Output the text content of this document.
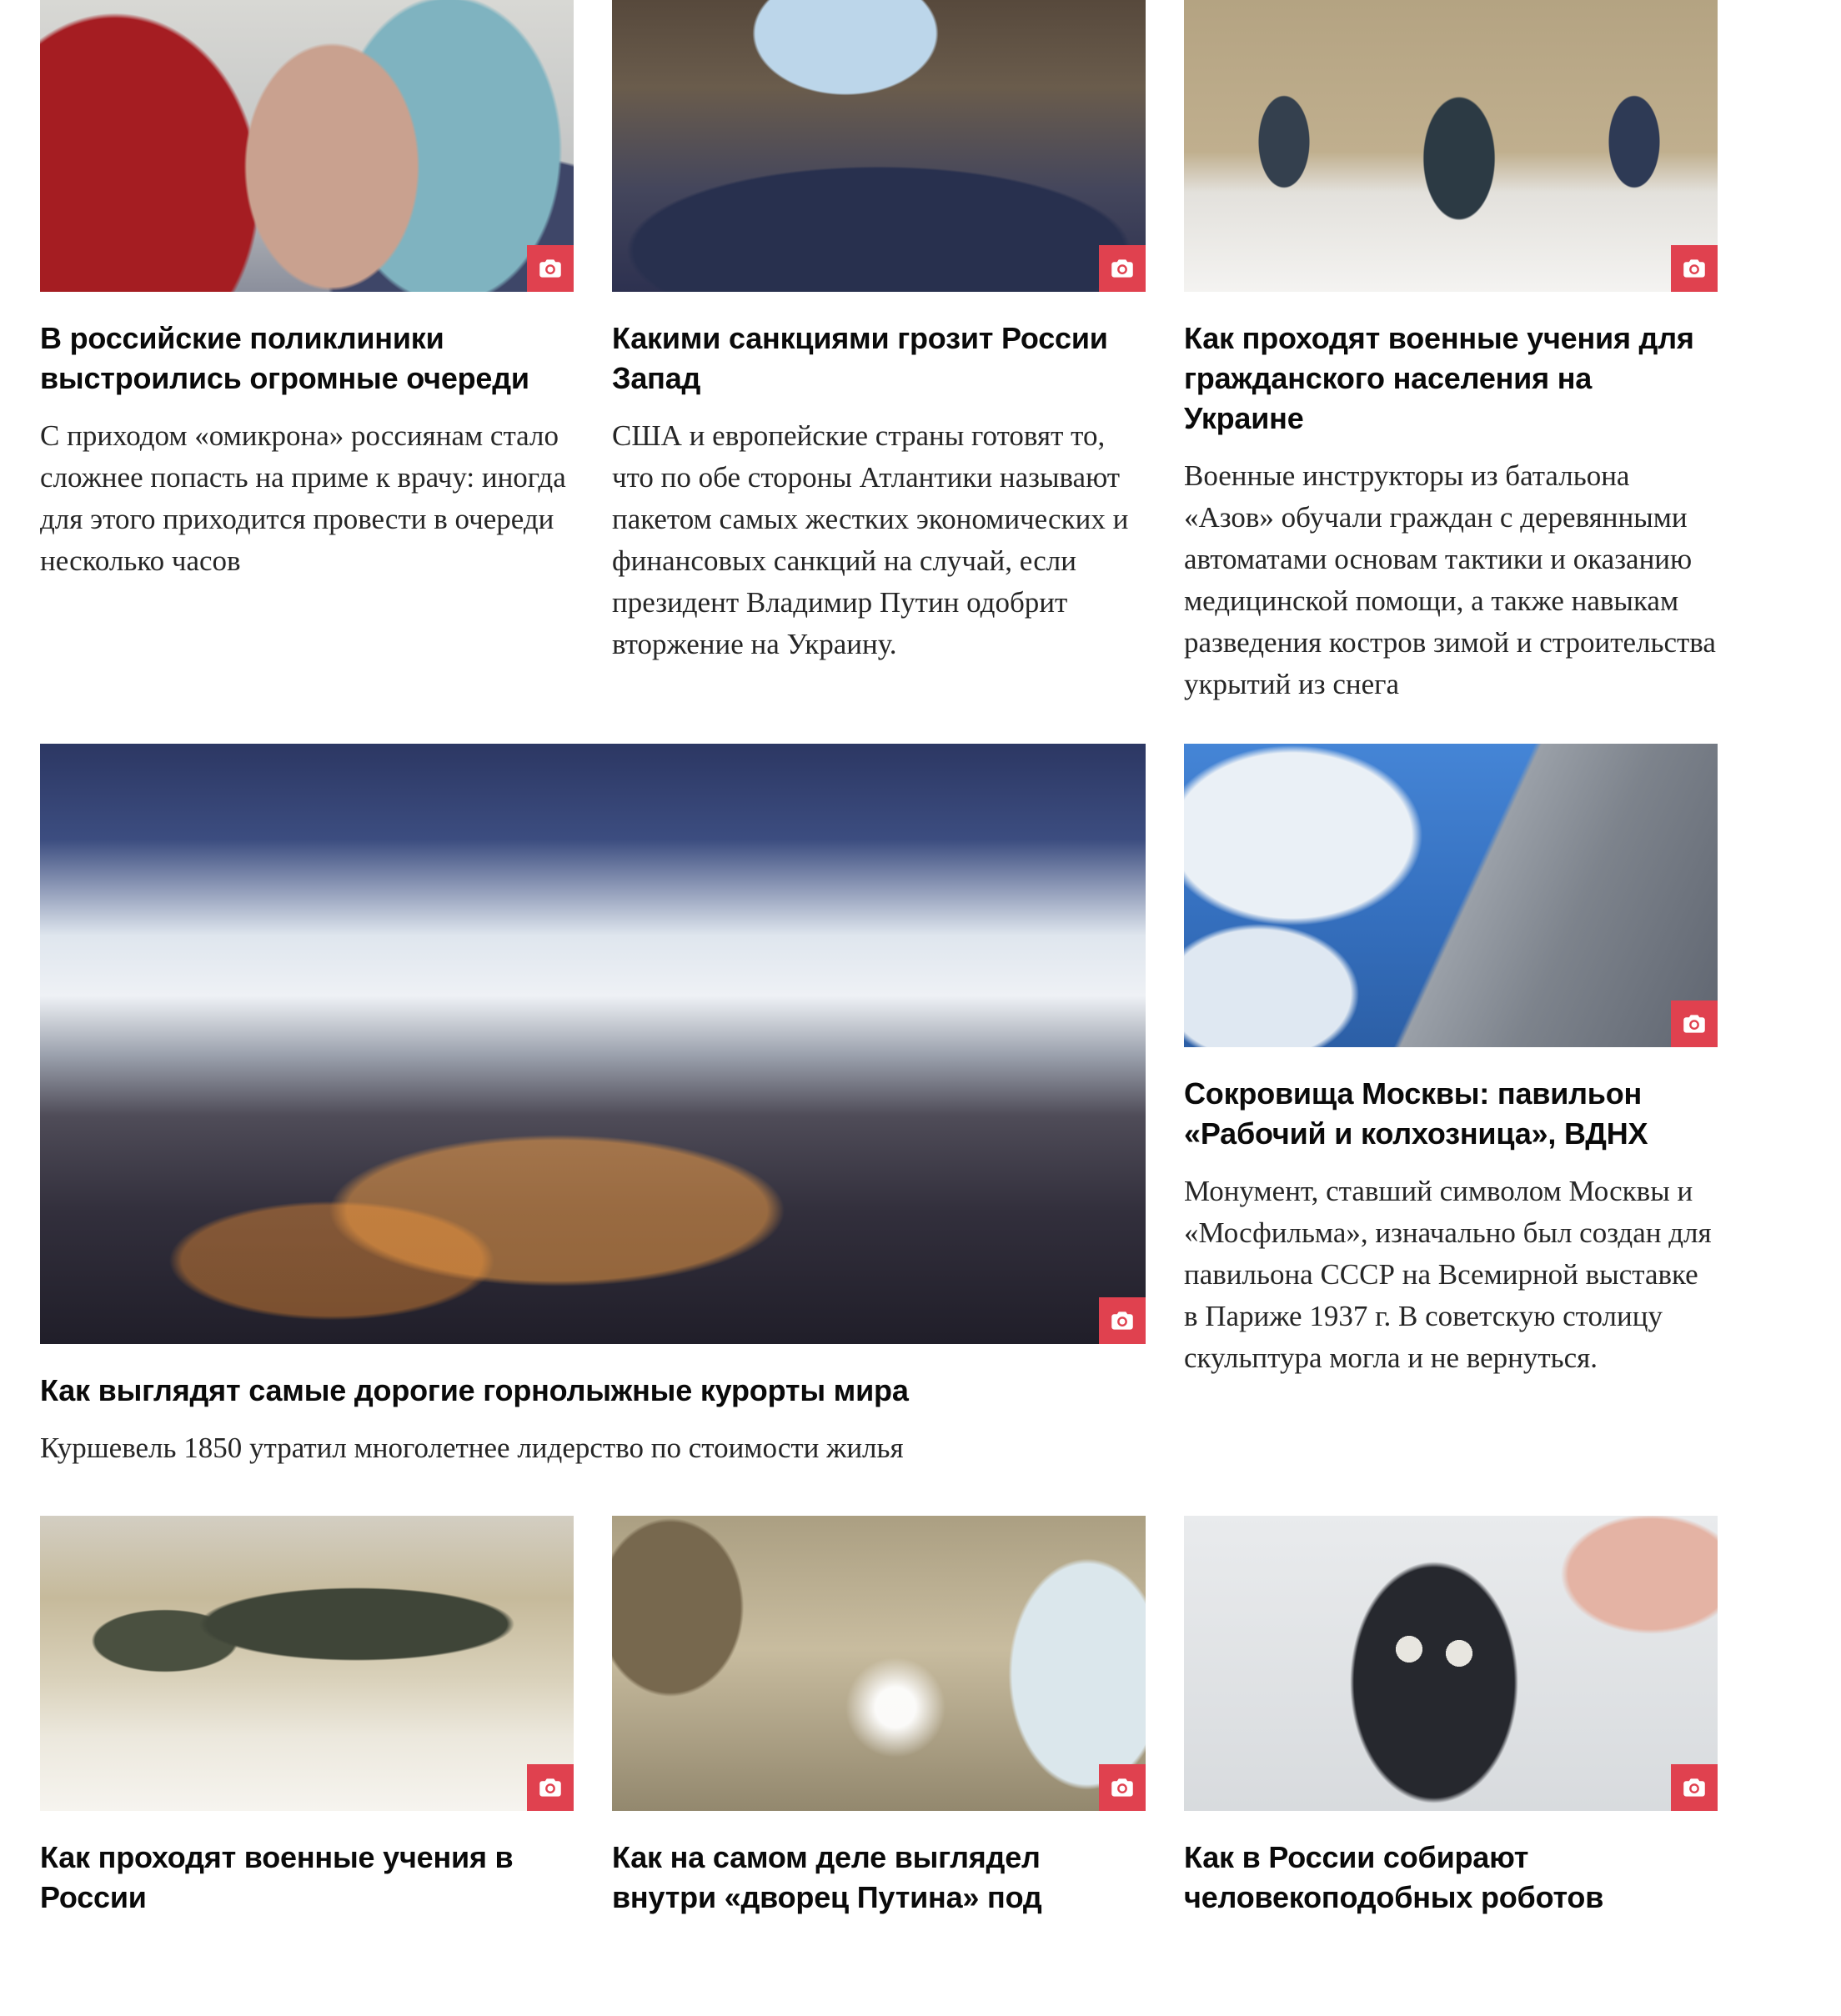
В российские поликлиники выстроились огромные очереди

С приходом «омикрона» россиянам стало сложнее попасть на приме к врачу: иногда для этого приходится провести в очереди несколько часов

Какими санкциями грозит России Запад

США и европейские страны готовят то, что по обе стороны Атлантики называют пакетом самых жестких экономических и финансовых санкций на случай, если президент Владимир Путин одобрит вторжение на Украину.

Как проходят военные учения для гражданского населения на Украине

Военные инструкторы из батальона «Азов» обучали граждан с деревянными автоматами основам тактики и оказанию медицинской помощи, а также навыкам разведения костров зимой и строительства укрытий из снега

Как выглядят самые дорогие горнолыжные курорты мира

Куршевель 1850 утратил многолетнее лидерство по стоимости жилья

Сокровища Москвы: павильон «Рабочий и колхозница», ВДНХ

Монумент, ставший символом Москвы и «Мосфильма», изначально был создан для павильона СССР на Всемирной выставке в Париже 1937 г. В советскую столицу скульптура могла и не вернуться.

Как проходят военные учения в России
Как на самом деле выглядел внутри «дворец Путина» под
Как в России собирают человекоподобных роботов
